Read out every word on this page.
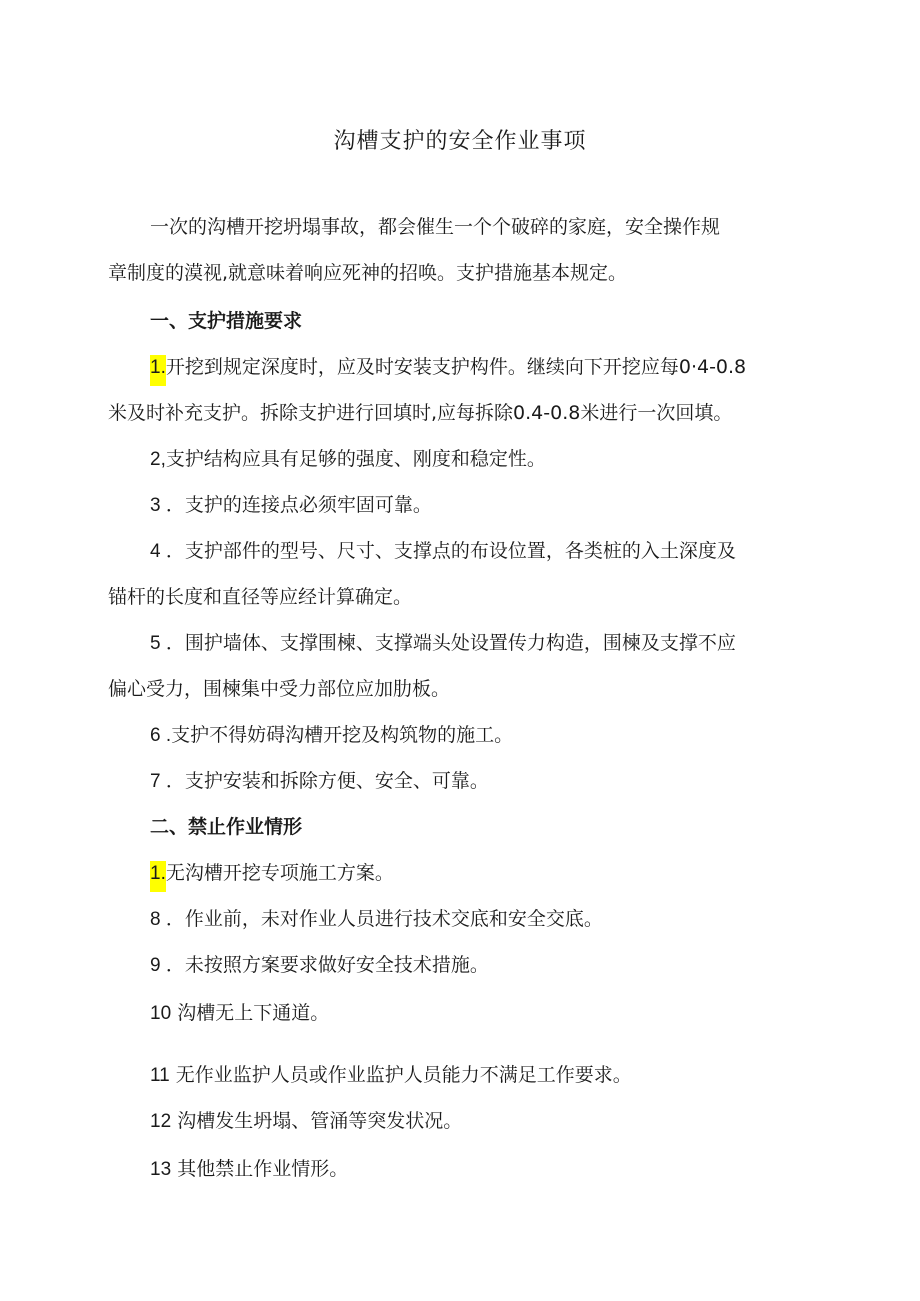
沟槽支护的安全作业事项
一次的沟槽开挖坍塌事故，都会催生一个个破碎的家庭，安全操作规
章制度的漠视,就意味着响应死神的招唤。支护措施基本规定。
一、支护措施要求
1.开挖到规定深度时，应及时安装支护构件。继续向下开挖应每0·4-0.8
米及时补充支护。拆除支护进行回填时,应每拆除0.4-0.8米进行一次回填。
2,支护结构应具有足够的强度、刚度和稳定性。
3 ．支护的连接点必须牢固可靠。
4 ．支护部件的型号、尺寸、支撑点的布设位置，各类桩的入土深度及
锚杆的长度和直径等应经计算确定。
5 ．围护墙体、支撑围楝、支撑端头处设置传力构造，围楝及支撑不应
偏心受力，围楝集中受力部位应加肋板。
6 .支护不得妨碍沟槽开挖及构筑物的施工。
7 ．支护安装和拆除方便、安全、可靠。
二、禁止作业情形
1.无沟槽开挖专项施工方案。
8 ．作业前，未对作业人员进行技术交底和安全交底。
9 ．未按照方案要求做好安全技术措施。
10 沟槽无上下通道。
11 无作业监护人员或作业监护人员能力不满足工作要求。
12 沟槽发生坍塌、管涌等突发状况。
13 其他禁止作业情形。
